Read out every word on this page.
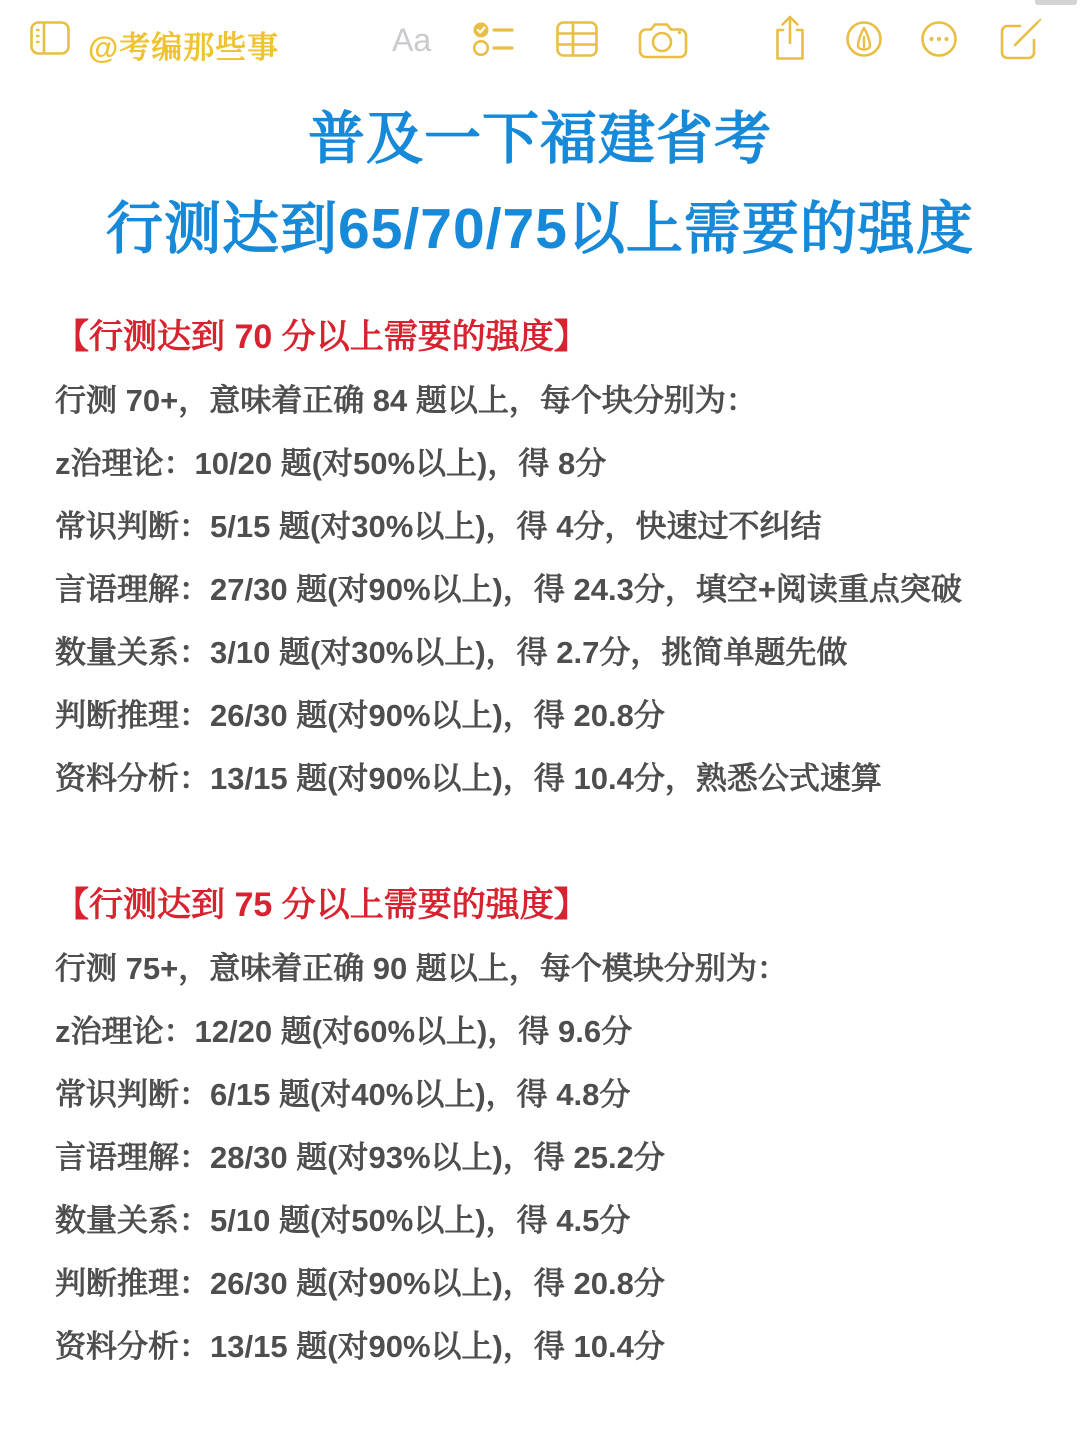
@考编那些事	Aa
普及一下福建省考
行测达到65/70/75以上需要的强度

【行测达到 70 分以上需要的强度】

行测 70+，意味着正确 84 题以上，每个块分别为：

z治理论：10/20 题(对50%以上)，得 8分

常识判断：5/15 题(对30%以上)，得 4分，快速过不纠结

言语理解：27/30 题(对90%以上)，得 24.3分，填空+阅读重点突破

数量关系：3/10 题(对30%以上)，得 2.7分，挑简单题先做

判断推理：26/30 题(对90%以上)，得 20.8分

资料分析：13/15 题(对90%以上)，得 10.4分，熟悉公式速算

【行测达到 75 分以上需要的强度】

行测 75+，意味着正确 90 题以上，每个模块分别为：

z治理论：12/20 题(对60%以上)，得 9.6分

常识判断：6/15 题(对40%以上)，得 4.8分

言语理解：28/30 题(对93%以上)，得 25.2分

数量关系：5/10 题(对50%以上)，得 4.5分

判断推理：26/30 题(对90%以上)，得 20.8分

资料分析：13/15 题(对90%以上)，得 10.4分
